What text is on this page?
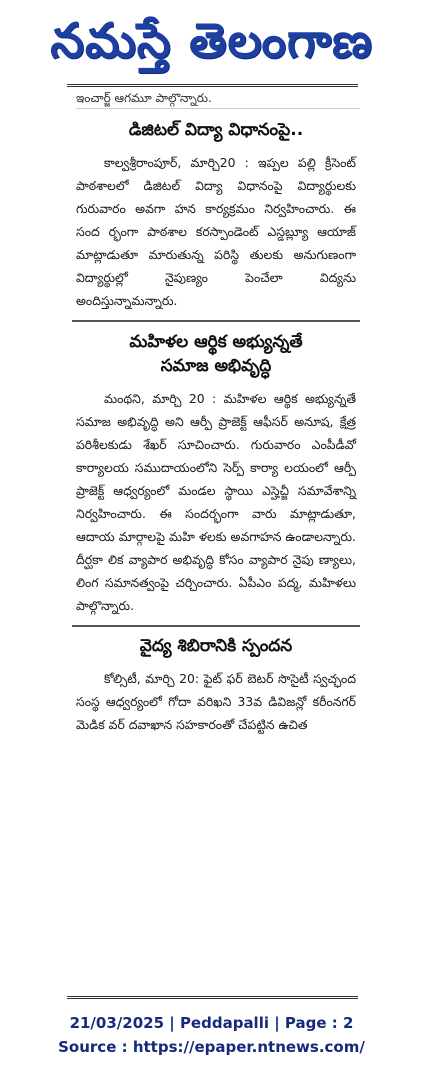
నమస్తే తెలంగాణ
ఇంచార్జ్ ఆగమూ పాల్గొన్నారు.
డిజిటల్ విద్యా విధానంపై..

కాల్వశ్రీరాంపూర్, మార్చి20 : ఇప్పల పల్లి క్రీసెంట్ పాఠశాలలో డిజిటల్ విద్యా విధానంపై విద్యార్థులకు గురువారం అవగా హన కార్యక్రమం నిర్వహించారు. ఈ సంద ర్భంగా పాఠశాల కరస్పాండెంట్ ఎస్డబ్ల్యూ ఆయాజ్ మాట్లాడుతూ మారుతున్న పరిస్థి తులకు అనుగుణంగా విద్యార్థుల్లో నైపుణ్యం పెంచేలా విద్యను అందిస్తున్నామన్నారు.

మహిళల ఆర్థిక అభ్యున్నతే
సమాజ అభివృద్ధి

మంథని, మార్చి 20 : మహిళల ఆర్థిక అభ్యున్నతే సమాజ అభివృద్ధి అని ఆర్పీ ప్రాజెక్ట్ ఆఫీసర్ అనూష, క్షేత్ర పరిశీలకుడు శేఖర్ సూచించారు. గురువారం ఎంపీడీవో కార్యాలయ సముదాయంలోని సెర్ప్ కార్యా లయంలో ఆర్పీ ప్రాజెక్ట్ ఆధ్వర్యంలో మండల స్థాయి ఎస్హెచ్జీ సమావేశాన్ని నిర్వహించారు. ఈ సందర్భంగా వారు మాట్లాడుతూ, ఆదాయ మార్గాలపై మహి ళలకు అవగాహన ఉండాలన్నారు. దీర్ఘకా లిక వ్యాపార అభివృద్ధి కోసం వ్యాపార నైపు ణ్యాలు, లింగ సమానత్వంపై చర్చించారు. ఏపీఎం పద్మ, మహిళలు పాల్గొన్నారు.

వైద్య శిబిరానికి స్పందన

కోల్సిటీ, మార్చి 20: ఫైట్ ఫర్ బెటర్ సొసైటీ స్వచ్ఛంద సంస్థ ఆధ్వర్యంలో గోదా వరిఖని 33వ డివిజన్లో కరీంనగర్ మెడిక వర్ దవాఖాన సహకారంతో చేపట్టిన ఉచిత

21/03/2025 | Peddapalli | Page : 2
Source : https://epaper.ntnews.com/
